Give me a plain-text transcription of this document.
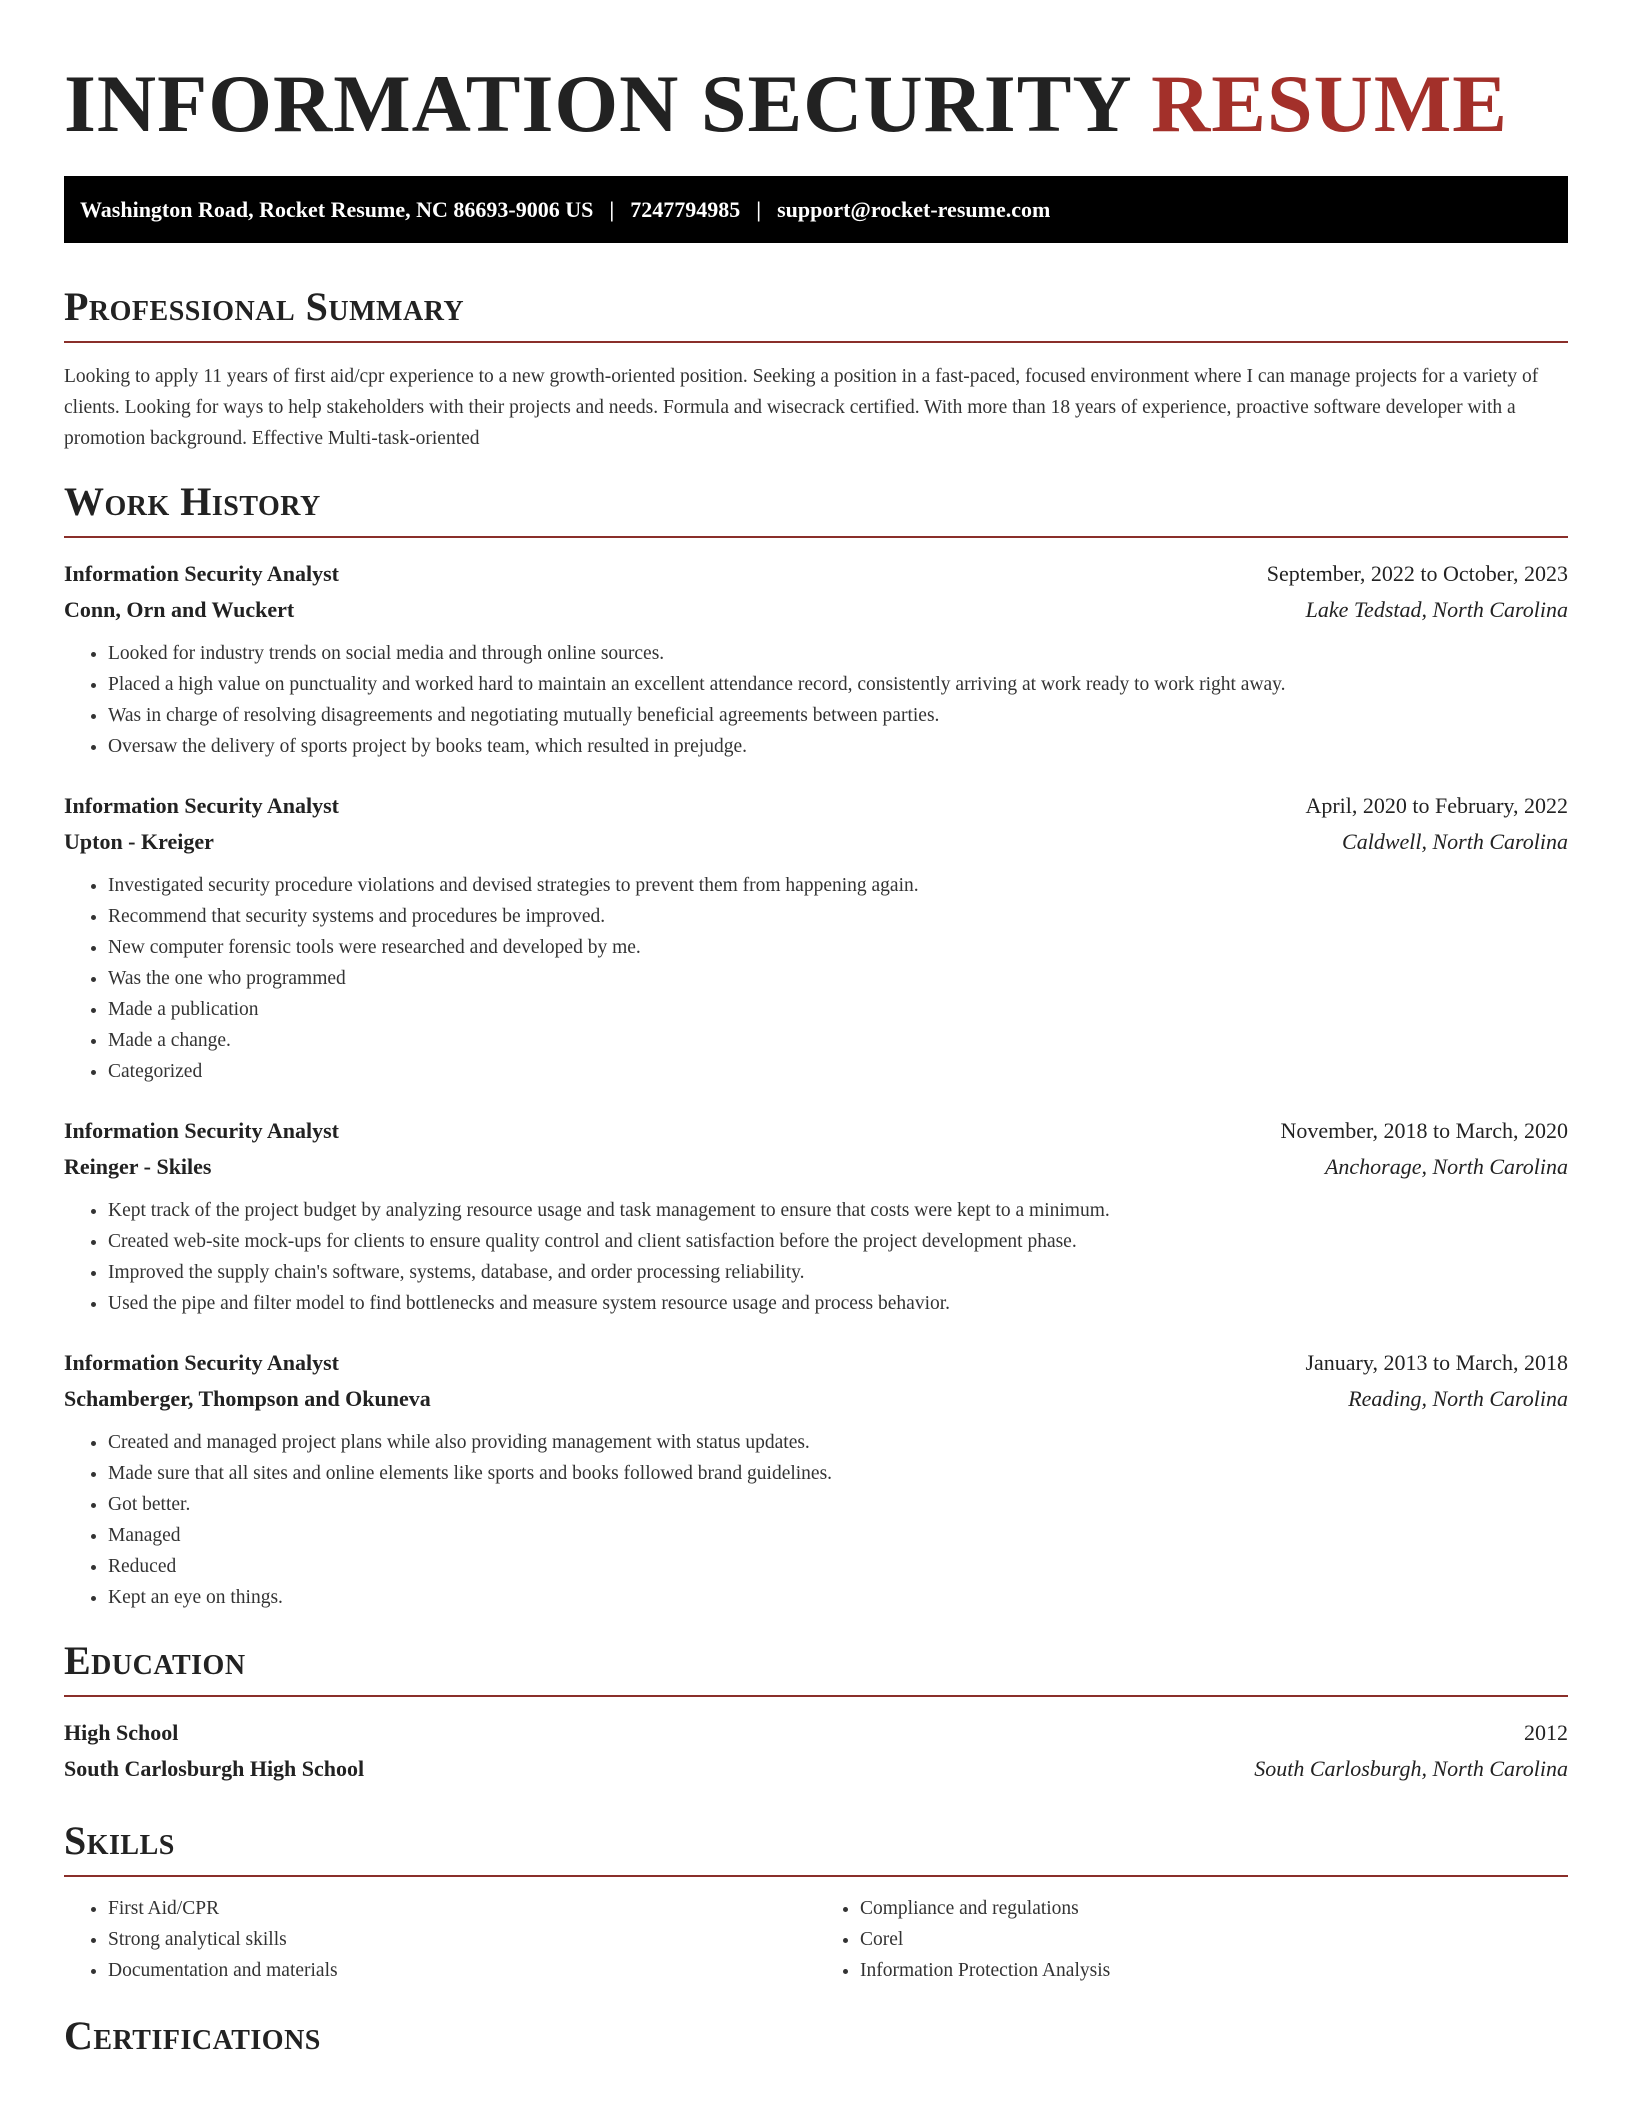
INFORMATION SECURITY RESUME
Washington Road, Rocket Resume, NC 86693-9006 US | 7247794985 | support@rocket-resume.com
Professional Summary

Looking to apply 11 years of first aid/cpr experience to a new growth-oriented position. Seeking a position in a fast-paced, focused environment where I can manage projects for a variety of clients. Looking for ways to help stakeholders with their projects and needs. Formula and wisecrack certified. With more than 18 years of experience, proactive software developer with a promotion background. Effective Multi-task-oriented

Work History
Information Security Analyst	September, 2022 to October, 2023
Conn, Orn and Wuckert	Lake Tedstad, North Carolina
• Looked for industry trends on social media and through online sources.
• Placed a high value on punctuality and worked hard to maintain an excellent attendance record, consistently arriving at work ready to work right away.
• Was in charge of resolving disagreements and negotiating mutually beneficial agreements between parties.
• Oversaw the delivery of sports project by books team, which resulted in prejudge.
Information Security Analyst	April, 2020 to February, 2022
Upton - Kreiger	Caldwell, North Carolina
• Investigated security procedure violations and devised strategies to prevent them from happening again.
• Recommend that security systems and procedures be improved.
• New computer forensic tools were researched and developed by me.
• Was the one who programmed
• Made a publication
• Made a change.
• Categorized
Information Security Analyst	November, 2018 to March, 2020
Reinger - Skiles	Anchorage, North Carolina
• Kept track of the project budget by analyzing resource usage and task management to ensure that costs were kept to a minimum.
• Created web-site mock-ups for clients to ensure quality control and client satisfaction before the project development phase.
• Improved the supply chain's software, systems, database, and order processing reliability.
• Used the pipe and filter model to find bottlenecks and measure system resource usage and process behavior.
Information Security Analyst	January, 2013 to March, 2018
Schamberger, Thompson and Okuneva	Reading, North Carolina
• Created and managed project plans while also providing management with status updates.
• Made sure that all sites and online elements like sports and books followed brand guidelines.
• Got better.
• Managed
• Reduced
• Kept an eye on things.
Education
High School	2012
South Carlosburgh High School	South Carlosburgh, North Carolina
Skills
• First Aid/CPR
• Strong analytical skills
• Documentation and materials
• Compliance and regulations
• Corel
• Information Protection Analysis
Certifications
